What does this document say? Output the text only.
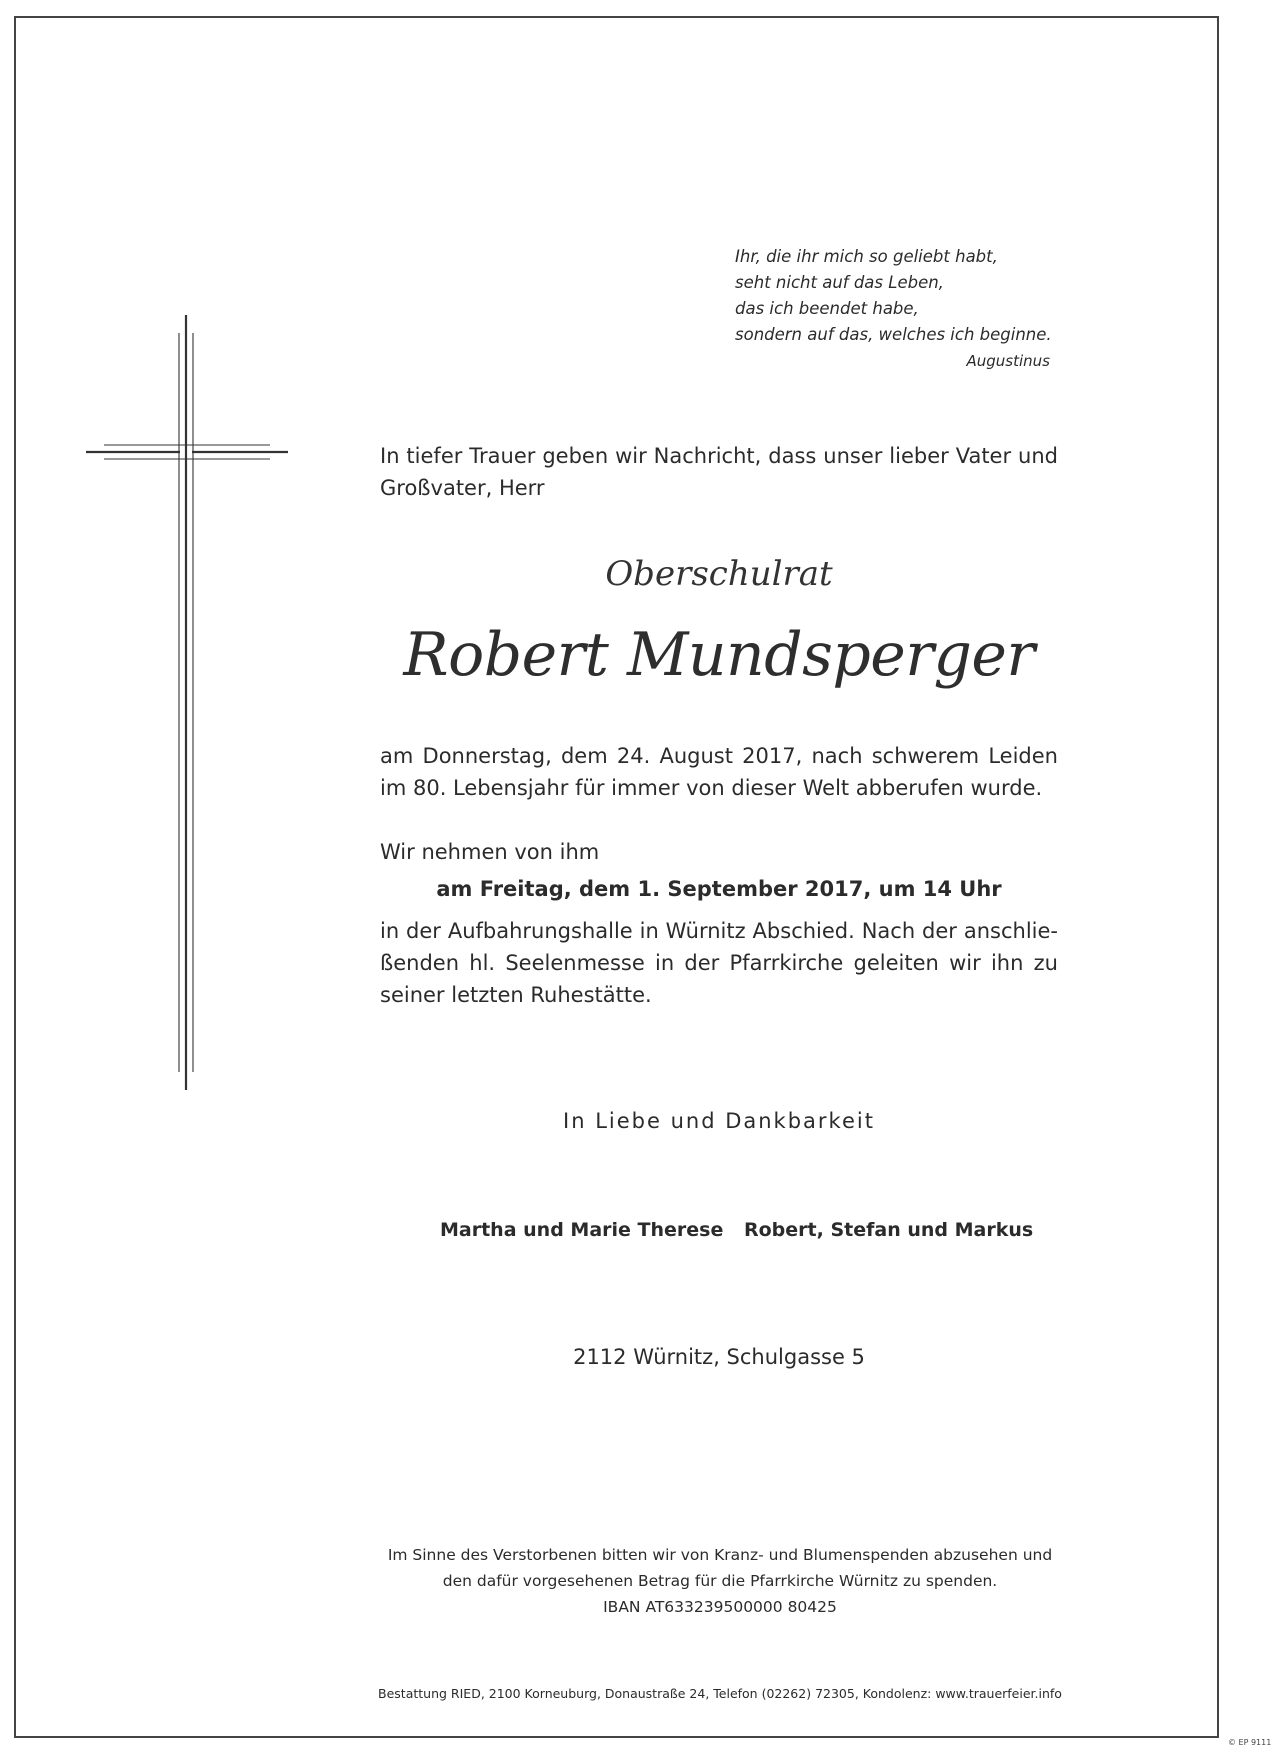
Ihr, die ihr mich so geliebt habt,
seht nicht auf das Leben,
das ich beendet habe,
sondern auf das, welches ich beginne.
Augustinus
In tiefer Trauer geben wir Nachricht, dass unser lieber Vater und Großvater, Herr
Oberschulrat
Robert Mundsperger
am Donnerstag, dem 24. August 2017, nach schwerem Leiden im 80. Lebensjahr für immer von dieser Welt abberufen wurde.
Wir nehmen von ihm
am Freitag, dem 1. September 2017, um 14 Uhr
in der Aufbahrungshalle in Würnitz Abschied. Nach der anschlie-ßenden hl. Seelenmesse in der Pfarrkirche geleiten wir ihn zu seiner letzten Ruhestätte.
In Liebe und Dankbarkeit
Martha und Marie Therese Robert, Stefan und Markus
2112 Würnitz, Schulgasse 5
Im Sinne des Verstorbenen bitten wir von Kranz- und Blumenspenden abzusehen und
den dafür vorgesehenen Betrag für die Pfarrkirche Würnitz zu spenden.
IBAN AT633239500000 80425
Bestattung RIED, 2100 Korneuburg, Donaustraße 24, Telefon (02262) 72305, Kondolenz: www.trauerfeier.info
© EP 9111
